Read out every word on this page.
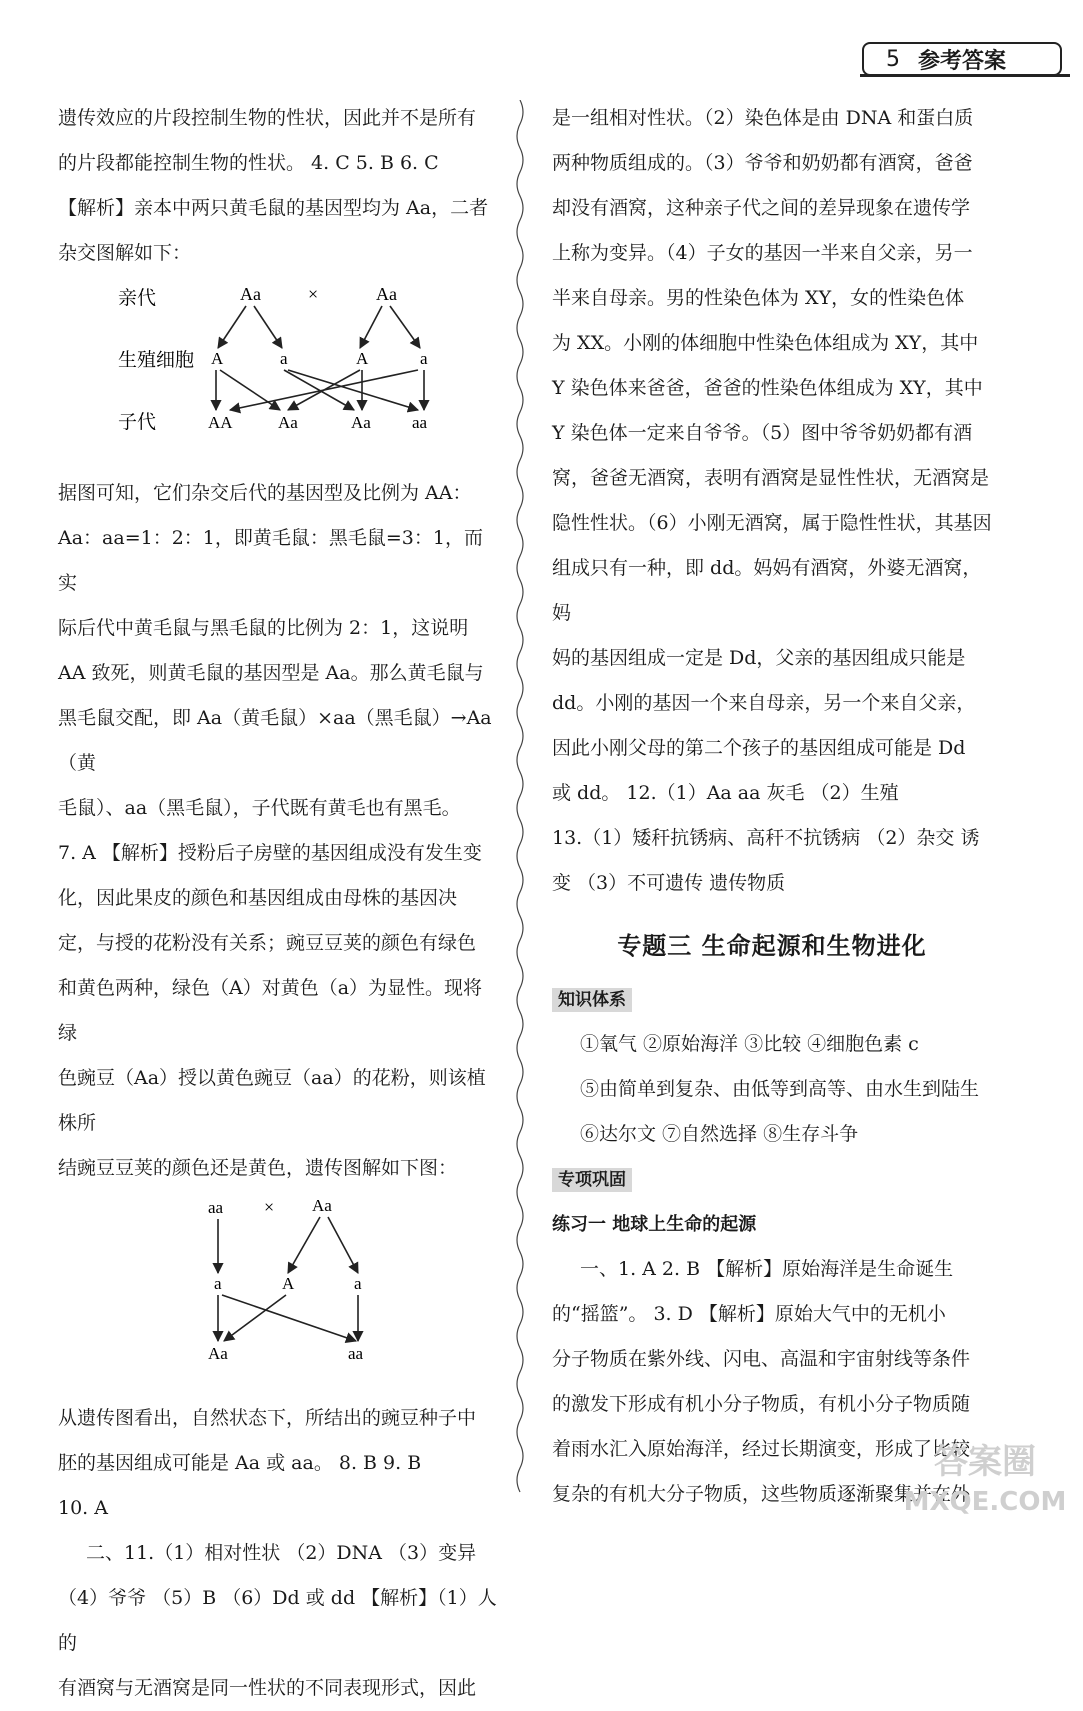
5 参考答案

遗传效应的片段控制生物的性状，因此并不是所有

的片段都能控制生物的性状。 4. C 5. B 6. C

【解析】亲本中两只黄毛鼠的基因型均为 Aa，二者

杂交图解如下：

亲代
生殖细胞
子代
Aa	×	Aa
A	a	A	a
AA	Aa	Aa aa

据图可知，它们杂交后代的基因型及比例为 AA：

Aa：aa=1：2：1，即黄毛鼠：黑毛鼠=3：1，而实

际后代中黄毛鼠与黑毛鼠的比例为 2：1，这说明

AA 致死，则黄毛鼠的基因型是 Aa。那么黄毛鼠与

黑毛鼠交配，即 Aa（黄毛鼠）×aa（黑毛鼠）→Aa（黄

毛鼠）、aa（黑毛鼠），子代既有黄毛也有黑毛。

7. A 【解析】授粉后子房壁的基因组成没有发生变

化，因此果皮的颜色和基因组成由母株的基因决

定，与授的花粉没有关系；豌豆豆荚的颜色有绿色

和黄色两种，绿色（A）对黄色（a）为显性。现将绿

色豌豆（Aa）授以黄色豌豆（aa）的花粉，则该植株所

结豌豆豆荚的颜色还是黄色，遗传图解如下图：

aa × Aa
a	A	a
Aa	aa

从遗传图看出，自然状态下，所结出的豌豆种子中

胚的基因组成可能是 Aa 或 aa。 8. B 9. B

10. A

二、11.（1）相对性状 （2）DNA （3）变异

（4）爷爷 （5）B （6）Dd 或 dd 【解析】（1）人的

有酒窝与无酒窝是同一性状的不同表现形式，因此

是一组相对性状。（2）染色体是由 DNA 和蛋白质

两种物质组成的。（3）爷爷和奶奶都有酒窝，爸爸

却没有酒窝，这种亲子代之间的差异现象在遗传学

上称为变异。（4）子女的基因一半来自父亲，另一

半来自母亲。男的性染色体为 XY，女的性染色体

为 XX。小刚的体细胞中性染色体组成为 XY，其中

Y 染色体来爸爸，爸爸的性染色体组成为 XY，其中

Y 染色体一定来自爷爷。（5）图中爷爷奶奶都有酒

窝，爸爸无酒窝，表明有酒窝是显性性状，无酒窝是

隐性性状。（6）小刚无酒窝，属于隐性性状，其基因

组成只有一种，即 dd。妈妈有酒窝，外婆无酒窝，妈

妈的基因组成一定是 Dd，父亲的基因组成只能是

dd。小刚的基因一个来自母亲，另一个来自父亲，

因此小刚父母的第二个孩子的基因组成可能是 Dd

或 dd。 12.（1）Aa aa 灰毛 （2）生殖

13.（1）矮秆抗锈病、高秆不抗锈病 （2）杂交 诱

变 （3）不可遗传 遗传物质

专题三 生命起源和生物进化
知识体系

①氧气 ②原始海洋 ③比较 ④细胞色素 c

⑤由简单到复杂、由低等到高等、由水生到陆生

⑥达尔文 ⑦自然选择 ⑧生存斗争

专项巩固

练习一 地球上生命的起源

一、1. A 2. B 【解析】原始海洋是生命诞生

的“摇篮”。 3. D 【解析】原始大气中的无机小

分子物质在紫外线、闪电、高温和宇宙射线等条件

的激发下形成有机小分子物质，有机小分子物质随

着雨水汇入原始海洋，经过长期演变，形成了比较

复杂的有机大分子物质，这些物质逐渐聚集并在外

答案圈
MXQE.COM
